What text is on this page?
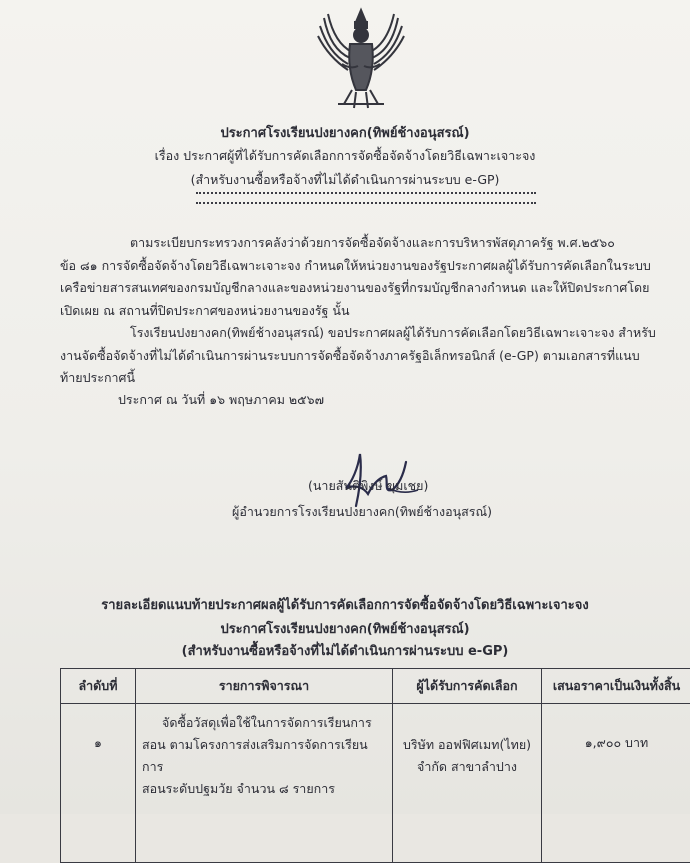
ประกาศโรงเรียนปงยางคก(ทิพย์ช้างอนุสรณ์)
เรื่อง ประกาศผู้ที่ได้รับการคัดเลือกการจัดซื้อจัดจ้างโดยวิธีเฉพาะเจาะจง
(สำหรับงานซื้อหรือจ้างที่ไม่ได้ดำเนินการผ่านระบบ e-GP)
ตามระเบียบกระทรวงการคลังว่าด้วยการจัดซื้อจัดจ้างและการบริหารพัสดุภาครัฐ พ.ศ.๒๕๖๐
ข้อ ๘๑ การจัดซื้อจัดจ้างโดยวิธีเฉพาะเจาะจง กำหนดให้หน่วยงานของรัฐประกาศผลผู้ได้รับการคัดเลือกในระบบ
เครือข่ายสารสนเทศของกรมบัญชีกลางและของหน่วยงานของรัฐที่กรมบัญชีกลางกำหนด และให้ปิดประกาศโดย
เปิดเผย ณ สถานที่ปิดประกาศของหน่วยงานของรัฐ นั้น
โรงเรียนปงยางคก(ทิพย์ช้างอนุสรณ์) ขอประกาศผลผู้ได้รับการคัดเลือกโดยวิธีเฉพาะเจาะจง สำหรับ
งานจัดซื้อจัดจ้างที่ไม่ได้ดำเนินการผ่านระบบการจัดซื้อจัดจ้างภาครัฐอิเล็กทรอนิกส์ (e-GP) ตามเอกสารที่แนบ
ท้ายประกาศนี้
ประกาศ ณ วันที่ ๑๖ พฤษภาคม ๒๕๖๗
(นายสันติพิงษ์ ขุมเชย)
ผู้อำนวยการโรงเรียนปงยางคก(ทิพย์ช้างอนุสรณ์)
รายละเอียดแนบท้ายประกาศผลผู้ได้รับการคัดเลือกการจัดซื้อจัดจ้างโดยวิธีเฉพาะเจาะจง
ประกาศโรงเรียนปงยางคก(ทิพย์ช้างอนุสรณ์)
(สำหรับงานซื้อหรือจ้างที่ไม่ได้ดำเนินการผ่านระบบ e-GP)
ลำดับที่	รายการพิจารณา	ผู้ได้รับการคัดเลือก	เสนอราคาเป็นเงินทั้งสิ้น
๑	จัดซื้อวัสดุเพื่อใช้ในการจัดการเรียนการ
สอน ตามโครงการส่งเสริมการจัดการเรียนการ
สอนระดับปฐมวัย จำนวน ๘ รายการ	บริษัท ออฟฟิศเมท(ไทย)
จำกัด สาขาลำปาง	๑,๙๐๐ บาท
